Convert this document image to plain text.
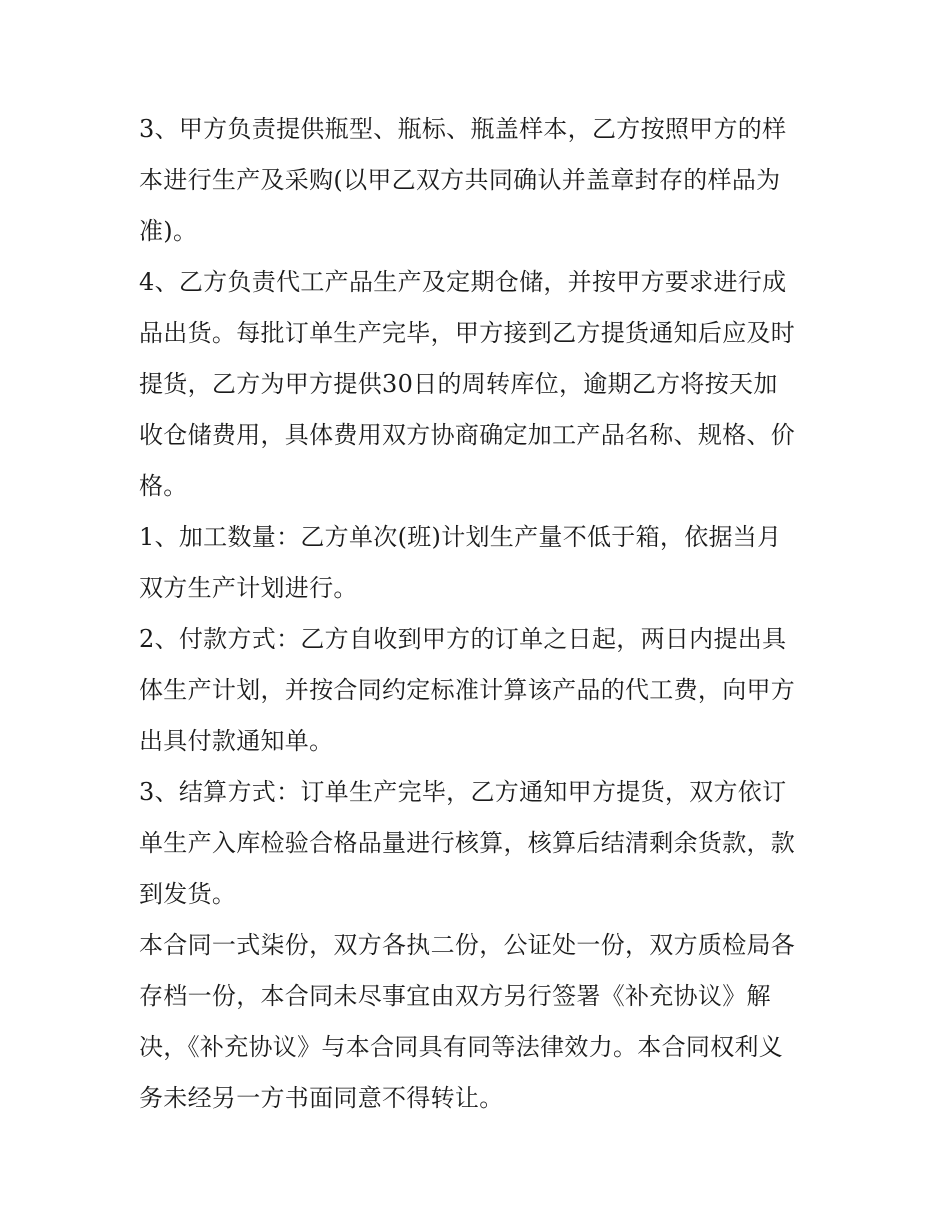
3、甲方负责提供瓶型、瓶标、瓶盖样本，乙方按照甲方的样
本进行生产及采购(以甲乙双方共同确认并盖章封存的样品为
准)。

4、乙方负责代工产品生产及定期仓储，并按甲方要求进行成
品出货。每批订单生产完毕，甲方接到乙方提货通知后应及时
提货，乙方为甲方提供30日的周转库位，逾期乙方将按天加
收仓储费用，具体费用双方协商确定加工产品名称、规格、价
格。

1、加工数量：乙方单次(班)计划生产量不低于箱，依据当月
双方生产计划进行。

2、付款方式：乙方自收到甲方的订单之日起，两日内提出具
体生产计划，并按合同约定标准计算该产品的代工费，向甲方
出具付款通知单。

3、结算方式：订单生产完毕，乙方通知甲方提货，双方依订
单生产入库检验合格品量进行核算，核算后结清剩余货款，款
到发货。

本合同一式柒份，双方各执二份，公证处一份，双方质检局各
存档一份，本合同未尽事宜由双方另行签署《补充协议》解
决，《补充协议》与本合同具有同等法律效力。本合同权利义
务未经另一方书面同意不得转让。
